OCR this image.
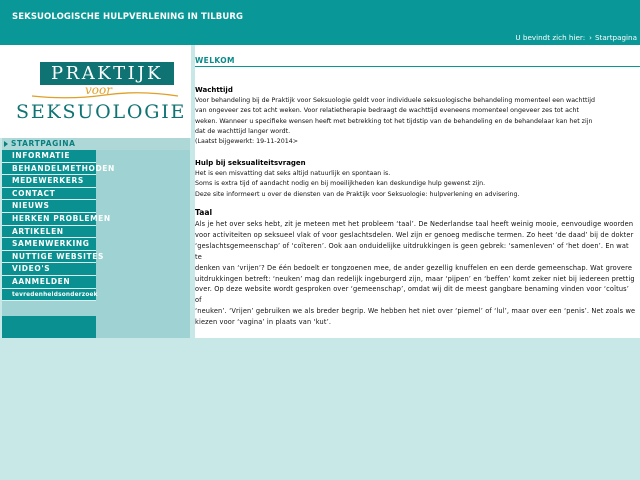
SEKSUOLOGISCHE HULPVERLENING IN TILBURG
U bevindt zich hier: › Startpagina
PRAKTIJK
voor
SEKSUOLOGIE
STARTPAGINA
INFORMATIE
BEHANDELMETHODEN
MEDEWERKERS
CONTACT
NIEUWS
HERKEN PROBLEMEN
ARTIKELEN
SAMENWERKING
NUTTIGE WEBSITES
VIDEO'S
AANMELDEN
tevredenheidsonderzoek
WELKOM
Wachttijd

Voor behandeling bij de Praktijk voor Seksuologie geldt voor individuele seksuologische behandeling momenteel een wachttijd

van ongeveer zes tot acht weken. Voor relatietherapie bedraagt de wachttijd eveneens momenteel ongeveer zes tot acht

weken. Wanneer u specifieke wensen heeft met betrekking tot het tijdstip van de behandeling en de behandelaar kan het zijn

dat de wachttijd langer wordt.

(Laatst bijgewerkt: 19-11-2014>

Hulp bij seksualiteitsvragen

Het is een misvatting dat seks altijd natuurlijk en spontaan is.

Soms is extra tijd of aandacht nodig en bij moeilijkheden kan deskundige hulp gewenst zijn.

Deze site informeert u over de diensten van de Praktijk voor Seksuologie: hulpverlening en advisering.

Taal

Als je het over seks hebt, zit je meteen met het probleem ‘taal’. De Nederlandse taal heeft weinig mooie, eenvoudige woorden

voor activiteiten op seksueel vlak of voor geslachtsdelen. Wel zijn er genoeg medische termen. Zo heet ‘de daad’ bij de dokter

‘geslachtsgemeenschap’ of ‘coïteren’. Ook aan onduidelijke uitdrukkingen is geen gebrek: ‘samenleven’ of ‘het doen’. En wat te

denken van ‘vrijen’? De één bedoelt er tongzoenen mee, de ander gezellig knuffelen en een derde gemeenschap. Wat grovere

uitdrukkingen betreft: ‘neuken’ mag dan redelijk ingeburgerd zijn, maar ‘pijpen’ en ‘beffen’ komt zeker niet bij iedereen prettig

over. Op deze website wordt gesproken over ‘gemeenschap’, omdat wij dit de meest gangbare benaming vinden voor ‘coïtus’ of

‘neuken’. ‘Vrijen’ gebruiken we als breder begrip. We hebben het niet over ‘piemel’ of ‘lul’, maar over een ‘penis’. Net zoals we

kiezen voor ‘vagina’ in plaats van ‘kut’.
